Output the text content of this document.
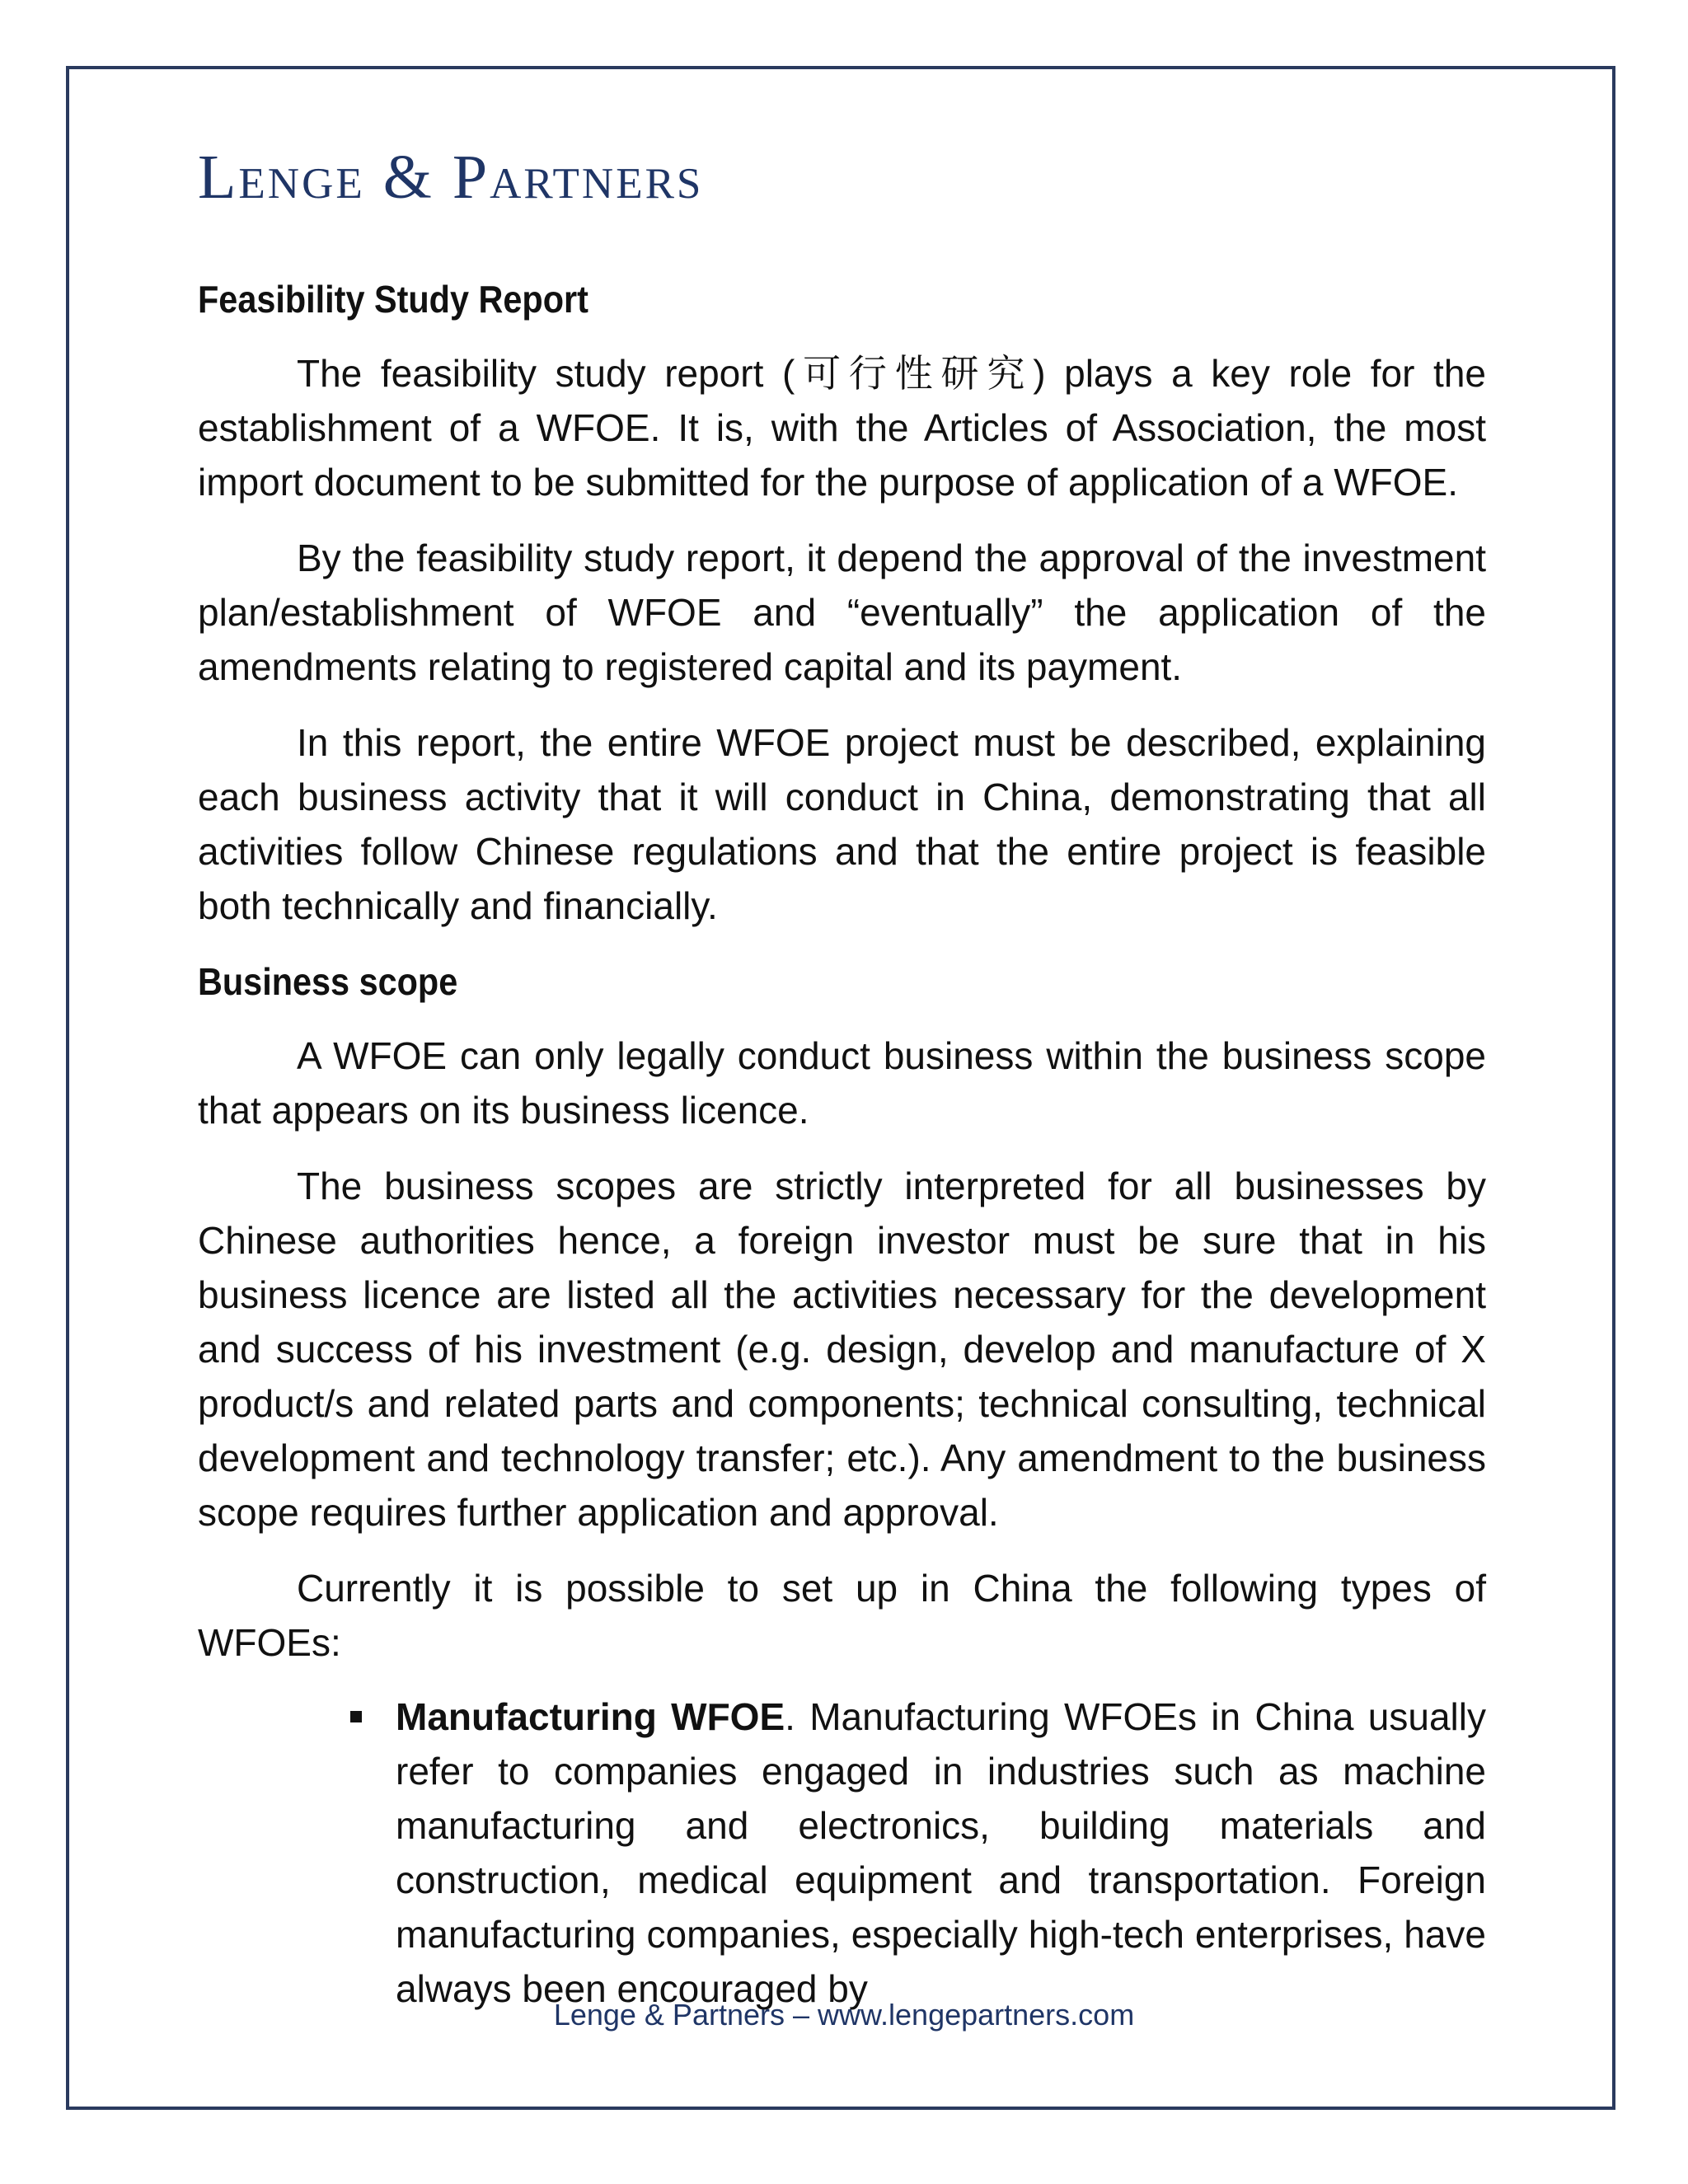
Lenge & Partners
Feasibility Study Report

The feasibility study report (可行性研究) plays a key role for the establishment of a WFOE. It is, with the Articles of Association, the most import document to be submitted for the purpose of application of a WFOE.

By the feasibility study report, it depend the approval of the investment plan/establishment of WFOE and “eventually” the application of the amendments relating to registered capital and its payment.

In this report, the entire WFOE project must be described, explaining each business activity that it will conduct in China, demonstrating that all activities follow Chinese regulations and that the entire project is feasible both technically and financially.

Business scope

A WFOE can only legally conduct business within the business scope that appears on its business licence.

The business scopes are strictly interpreted for all businesses by Chinese authorities hence, a foreign investor must be sure that in his business licence are listed all the activities necessary for the development and success of his investment (e.g. design, develop and manufacture of X product/s and related parts and components; technical consulting, technical development and technology transfer; etc.). Any amendment to the business scope requires further application and approval.

Currently it is possible to set up in China the following types of WFOEs:

Manufacturing WFOE. Manufacturing WFOEs in China usually refer to companies engaged in industries such as machine manufacturing and electronics, building materials and construction, medical equipment and transportation. Foreign manufacturing companies, especially high-tech enterprises, have always been encouraged by
Lenge & Partners – www.lengepartners.com
